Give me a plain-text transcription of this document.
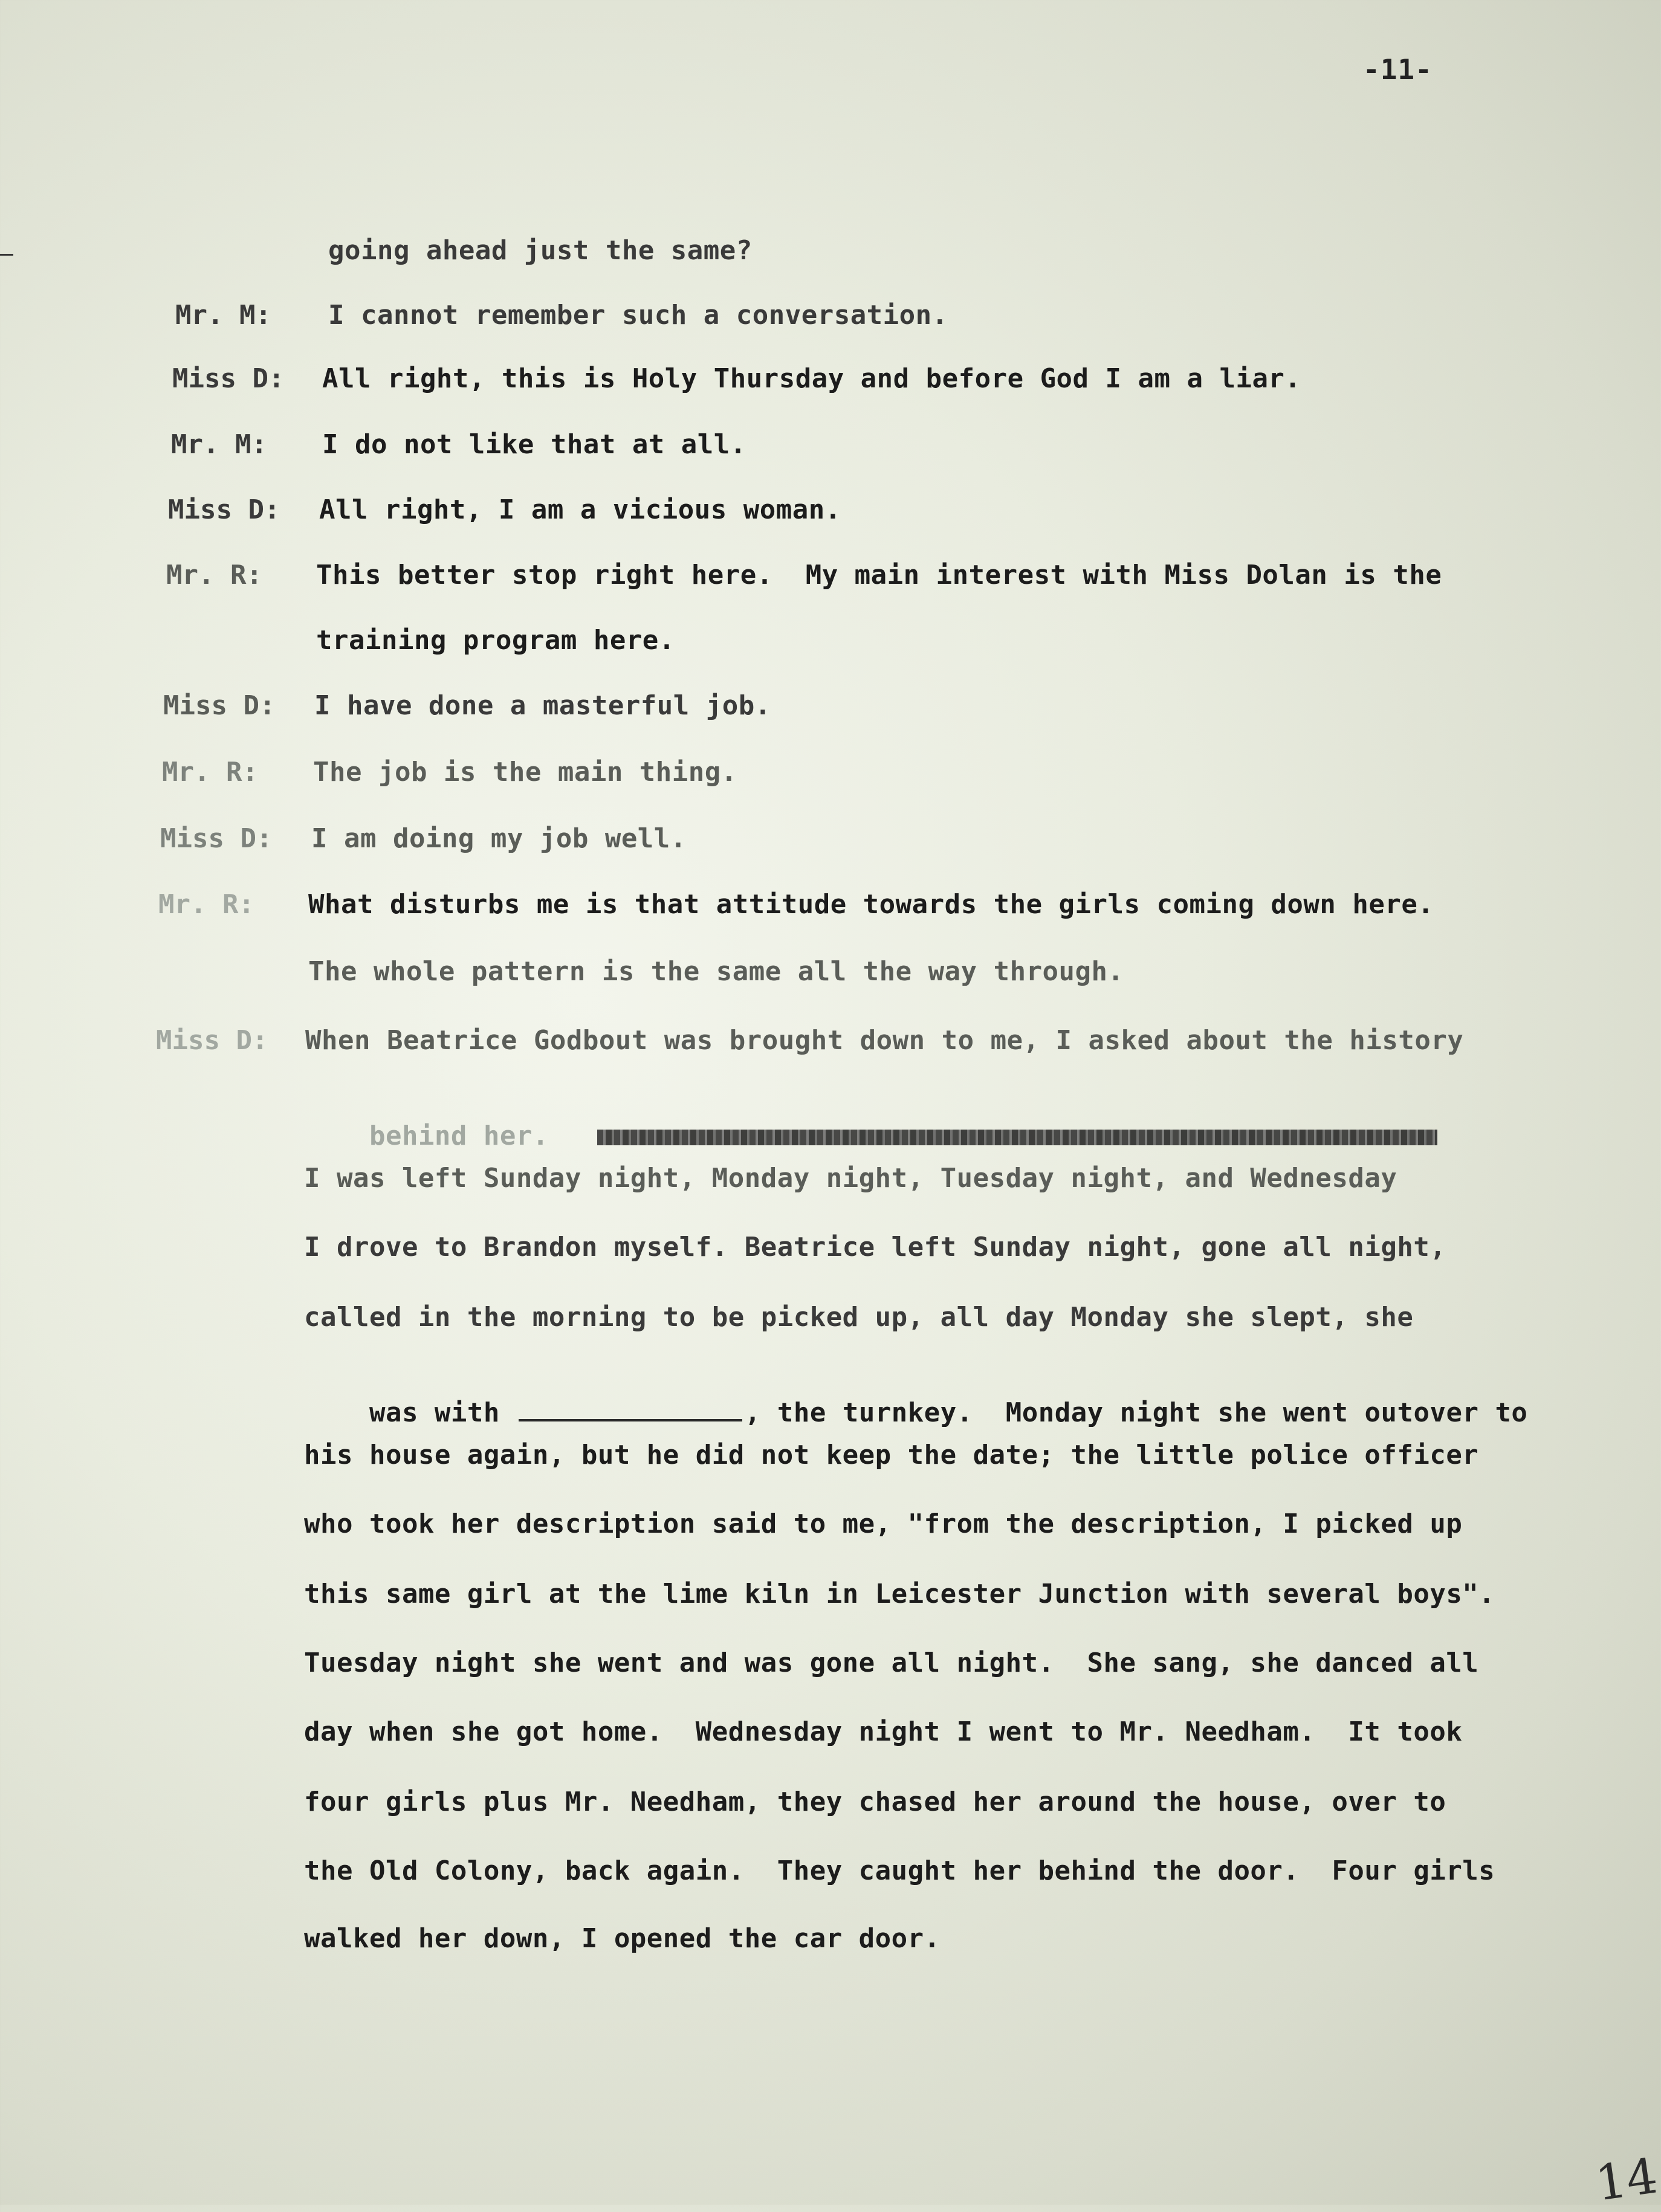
-11-
going ahead just the same?
Mr. M: I cannot remember such a conversation.
Miss D: All right, this is Holy Thursday and before God I am a liar.
Mr. M: I do not like that at all.
Miss D: All right, I am a vicious woman.
Mr. R: This better stop right here.  My main interest with Miss Dolan is the
training program here.
Miss D: I have done a masterful job.
Mr. R: The job is the main thing.
Miss D: I am doing my job well.
Mr. R: What disturbs me is that attitude towards the girls coming down here.
The whole pattern is the same all the way through.
Miss D: When Beatrice Godbout was brought down to me, I asked about the history

behind her.

I was left Sunday night, Monday night, Tuesday night, and Wednesday
I drove to Brandon myself. Beatrice left Sunday night, gone all night,
called in the morning to be picked up, all day Monday she slept, she

was with	, the turnkey.  Monday night she went outover to

his house again, but he did not keep the date; the little police officer
who took her description said to me, "from the description, I picked up
this same girl at the lime kiln in Leicester Junction with several boys".
Tuesday night she went and was gone all night.  She sang, she danced all
day when she got home.  Wednesday night I went to Mr. Needham.  It took
four girls plus Mr. Needham, they chased her around the house, over to
the Old Colony, back again.  They caught her behind the door.  Four girls
walked her down, I opened the car door.
14
